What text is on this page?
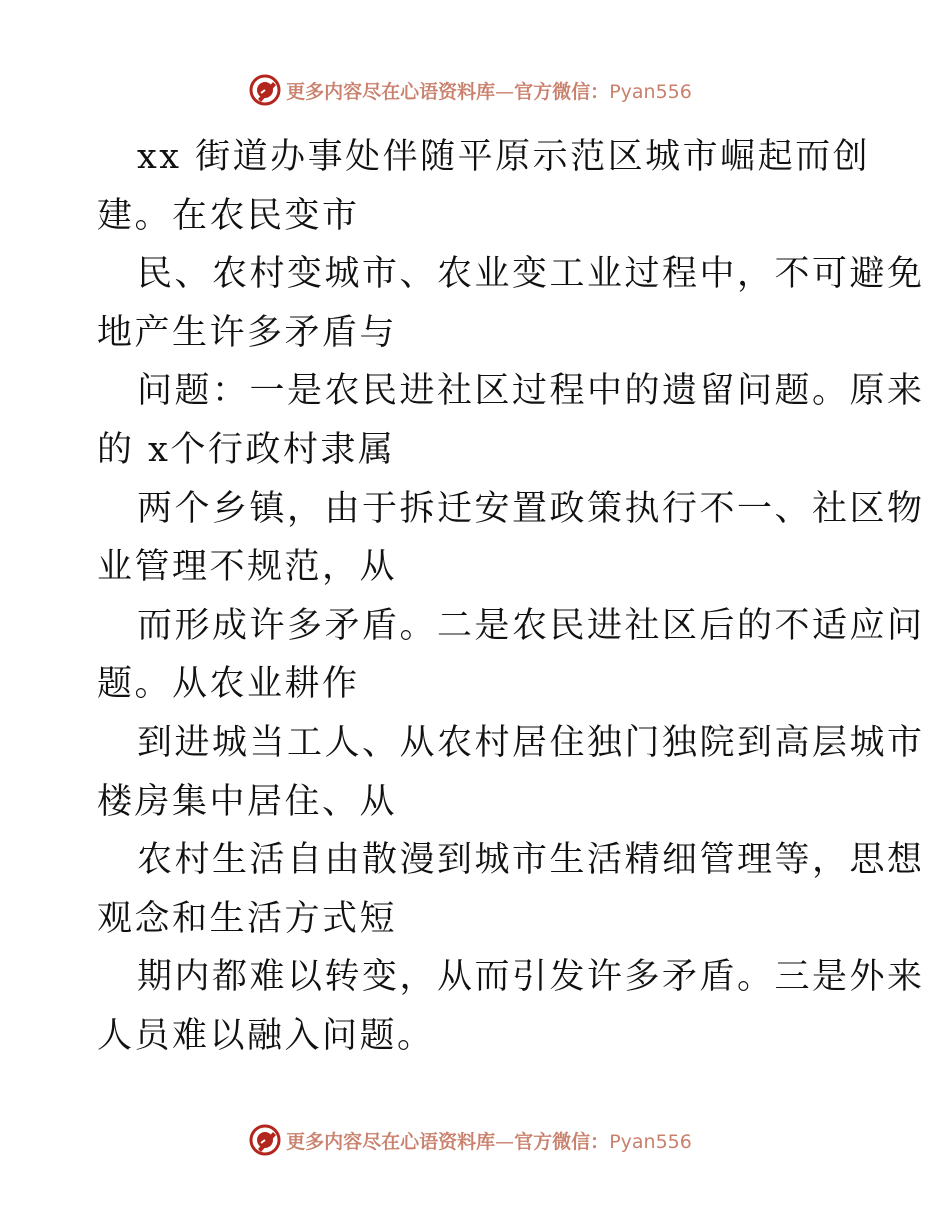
更多内容尽在心语资料库—官方微信：Pyan556
xx 街道办事处伴随平原示范区城市崛起而创
建。在农民变市
民、农村变城市、农业变工业过程中，不可避免
地产生许多矛盾与
问题：一是农民进社区过程中的遗留问题。原来
的 x个行政村隶属
两个乡镇，由于拆迁安置政策执行不一、社区物
业管理不规范，从
而形成许多矛盾。二是农民进社区后的不适应问
题。从农业耕作
到进城当工人、从农村居住独门独院到高层城市
楼房集中居住、从
农村生活自由散漫到城市生活精细管理等，思想
观念和生活方式短
期内都难以转变，从而引发许多矛盾。三是外来
人员难以融入问题。
更多内容尽在心语资料库—官方微信：Pyan556
